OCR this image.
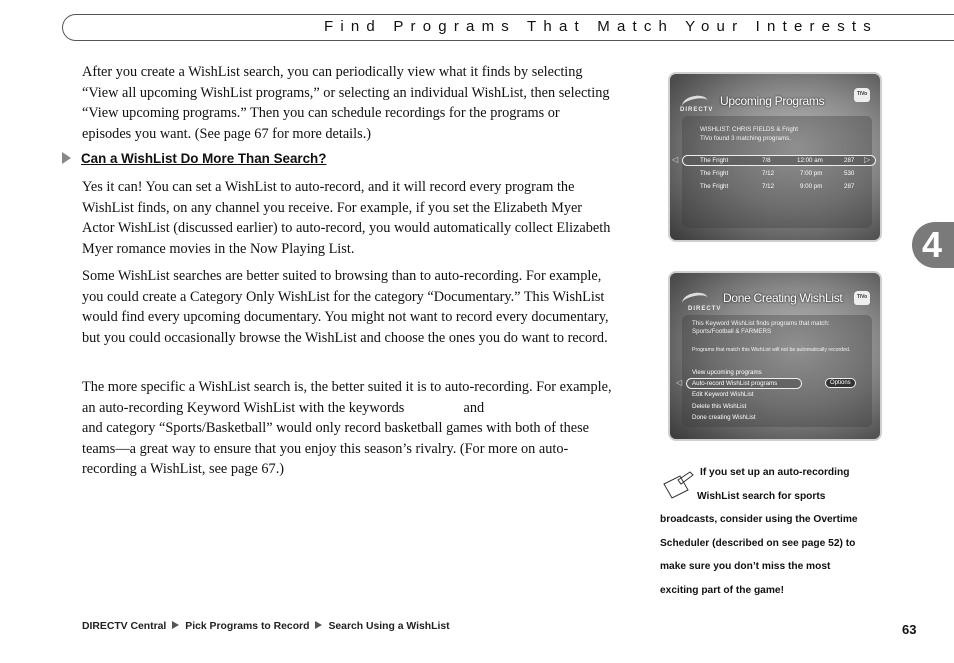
Find Programs That Match Your Interests

After you create a WishList search, you can periodically view what it finds by selecting “View all upcoming WishList programs,” or selecting an individual WishList, then selecting “View upcoming programs.” Then you can schedule recordings for the programs or episodes you want. (See page 67 for more details.)

Can a WishList Do More Than Search?

Yes it can! You can set a WishList to auto-record, and it will record every program the WishList finds, on any channel you receive. For example, if you set the Elizabeth Myer Actor WishList (discussed earlier) to auto-record, you would automatically collect Elizabeth Myer romance movies in the Now Playing List.

Some WishList searches are better suited to browsing than to auto-recording. For example, you could create a Category Only WishList for the category “Documentary.” This WishList would find every upcoming documentary. You might not want to record every documentary, but you could occasionally browse the WishList and choose the ones you do want to record.

The more specific a WishList search is, the better suited it is to auto-recording. For example, an auto-recording Keyword WishList with the keywords	and
and category “Sports/Basketball” would only record basketball games with both of these teams—a great way to ensure that you enjoy this season’s rivalry. (For more on auto-recording a WishList, see page 67.)

DIRECTV
Upcoming Programs	TiVo
WISHLIST: CHRIS FIELDS & Fright
TiVo found 3 matching programs.
◁	▷
The Fright	7/8	12:00 am	287
The Fright	7/12	7:00 pm	530
The Fright	7/12	9:00 pm	287
DIRECTV
Done Creating WishList	TiVo
This Keyword WishList finds programs that match:
Sports/Football & FARMERS
Programs that match this WishList will not be automatically recorded.
View upcoming programs
◁ Auto-record WishList programs	Options
Edit Keyword WishList
Delete this WishList
Done creating WishList
4
If you set up an auto-recording
WishList search for sports
broadcasts, consider using the Overtime
Scheduler (described on see page 52) to
make sure you don’t miss the most
exciting part of the game!
DIRECTV Central Pick Programs to Record Search Using a WishList	63
